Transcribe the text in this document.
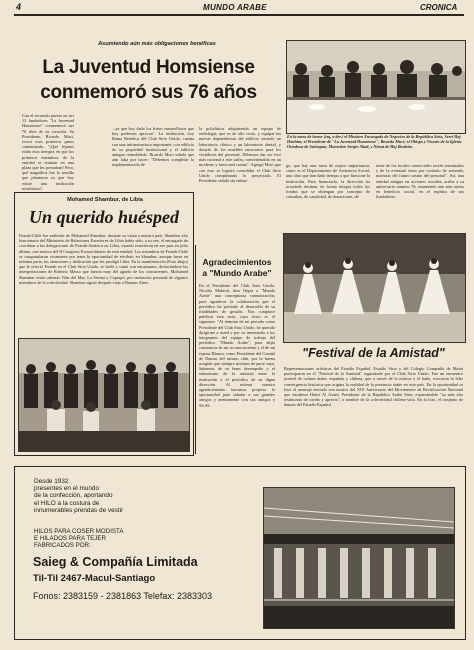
4	MUNDO ARABE	CRONICA
Asumiendo aún más obligaciones benéficas
La Juventud Homsiense
conmemoró sus 76 años
Con el recuerdo puesto en sus 13 fundadores "La Juventud Homsiense" conmemoró sus 76 años de su creación. Su Presidente, Ricardo Muci, evocó esos primeros pasos comentando, "¡Qué lejanos están esos tiempos en que los primeros miembros de la entidad se reunían en una plaza que les prestaban! Pero, qué magnífica fue la semilla que plantaron ya que hoy existe una institución prestigiosa".
...ya que hoy dado los frutos maravillosos que hoy podemos apreciar". La institución, hoy Rama Benéfica del Club Sirio Unido, cuenta con una infraestructura importante, con edificio de su propiedad institucional y el edificio antiguo remodelado. Ricardo Muci señaló que aún falta por hacer: "Debemos completar la implementación de
la policlínica adquiriendo un equipo de radiología, que es de alto costo, y equipar las nuevas dependencias del edificio creando un laboratorio clínico y un laboratorio dental, y dotarlo de los muebles necesarios para los vestidores del personal. Debemos dar un vivo más racional a este salón, convirtiéndolo en un moderno y funcional casino". Agregó Muci que con esto se logrará consolidar el Club Sirio Unido completando lo proyectado. El Presidente señaló sin embar-
En la mesa de honor (izq. a der.) el Ministro Encargado de Negocios de la República Siria, Serri Haj Ibrahim; el Presidente de "La Juventud Homsiense", Ricardo Muci; el Obispo y Vicario de la Iglesia Ortodoxa de Antioquía, Monseñor Sergio Abad, y Nimat de Haj Ibrahim.
go, que hay una tarea de mayor importancia, como es el Departamento de Asistencia Social, una obra que han dado tiempo a que funcione la institución. Para financiarlo, la dirección ha acordado destinar en forma íntegra todos los fondos que se obtengan por concepto de consultas, de canalidad, de donaciones, de
rente de los locales comerciales recién terminados y de la eventual renta por contrato de arriendo, mientras del futuro casino del personal". Así, una entidad antigua en acciones sociales, arriba a su aniversario número 76, asumiendo aún más tareas en beneficio social, en el espíritu de sus fundadores.
Mohamed Shambur, de Libia
Un querido huésped
Fearab-Chile fue anfitrión de Mohamed Shambur, durante su visita a nuestro país. Shambur alto funcionario del Ministerio de Relaciones Exteriores de Libia había sido, a su vez, el encargado de coordinar a las delegaciones de Fearab-América en Libia, cuando estuvieron en ese país en julio último, con motivo del II Congreso Extraordinario de esta entidad. Los miembros de Fearab-Chile se congratularon vivamente por tener la oportunidad de retribuir en Shambur, aunque fuera en mínima parte, las atenciones y dedicación que les prodigó Libia. En la manifestación (Foto abajo) que le ofreció Fearab en el Club Sirio Unido, se bailó y cantó con entusiasmo, destacándose las interpretaciones de Roberto Masso que fueron muy del agrado de los concurrentes. Mohamed Shambur visitó además Viña del Mar, La Serena y Copiapó, por invitación personal de algunos miembros de la colectividad. Shambur siguió después viaje a Buenos Aires.
Agradecimientos
a "Mundo Arabe"
En el Presidente del Club Sirio Unido, Nicolás Mahech, hizo llegar a "Mundo Arabe" una conceptuosa comunicación, para agradecer la colaboración que el periódico ha prestado al desarrollo de su finalidades de gestión. Nos complace publicar esta nota, cuyo texto es el siguiente: "Al término de mi periodo como Presidente del Club Sirio Unido, he querido dirigirme a usted y por su intermedio a los integrantes del equipo de trabajo del periódico "Mundo Arabe", para dejar constancia de mi reconocimiento y el de mi esposa Blanca, como Presidente del Comité de Damas del mismo club, por la buena acogida que siempre tuvimos de parte suya. Sabemos de su buen desempeño y el entusiasmo de la amistad entre la institución y el periódico de su digna dirección. Al reiterar nuestro agradecimiento hacemos propicia la oportunidad para saludar a sus grandes amigos y atentamente con sus amigos y SS.SS.
"Festival de la Amistad"
Representaciones artísticas del Estadio Español, Estadio Sirio y del Colegio Compañía de María participaron en el "Festival de la Amistad" organizado por el Club Sirio Unido. Fue un encuentro juvenil de cultura árabe, española y chilena, que a través de la música y el baile, evocaron la feliz convergencia histórica que origina la realidad de la presencia árabe en este país. En la oportunidad se leyó el mensaje enviado con motivo del XIX Aniversario del Movimiento de Rectificación Nacional que encabeza Hafez Al Assad, Presidente de la República Arabe Siria, expresándole "su más alto testimonio de cariño y aprecio", a nombre de la colectividad chileno-siria. En la foto, el conjunto de danzas del Estadio Español.
Desde 1932
presentes en el mundo
de la confección, aportando
el HILO a la costura de
innumerables prendas de vestir
HILOS PARA COSER MODISTA
E HILADOS PARA TEJER
FABRICADOS POR:
Saieg & Compañía Limitada
Til-Til 2467-Macul-Santiago
Fonos: 2383159 - 2381863 Telefax: 2383303
